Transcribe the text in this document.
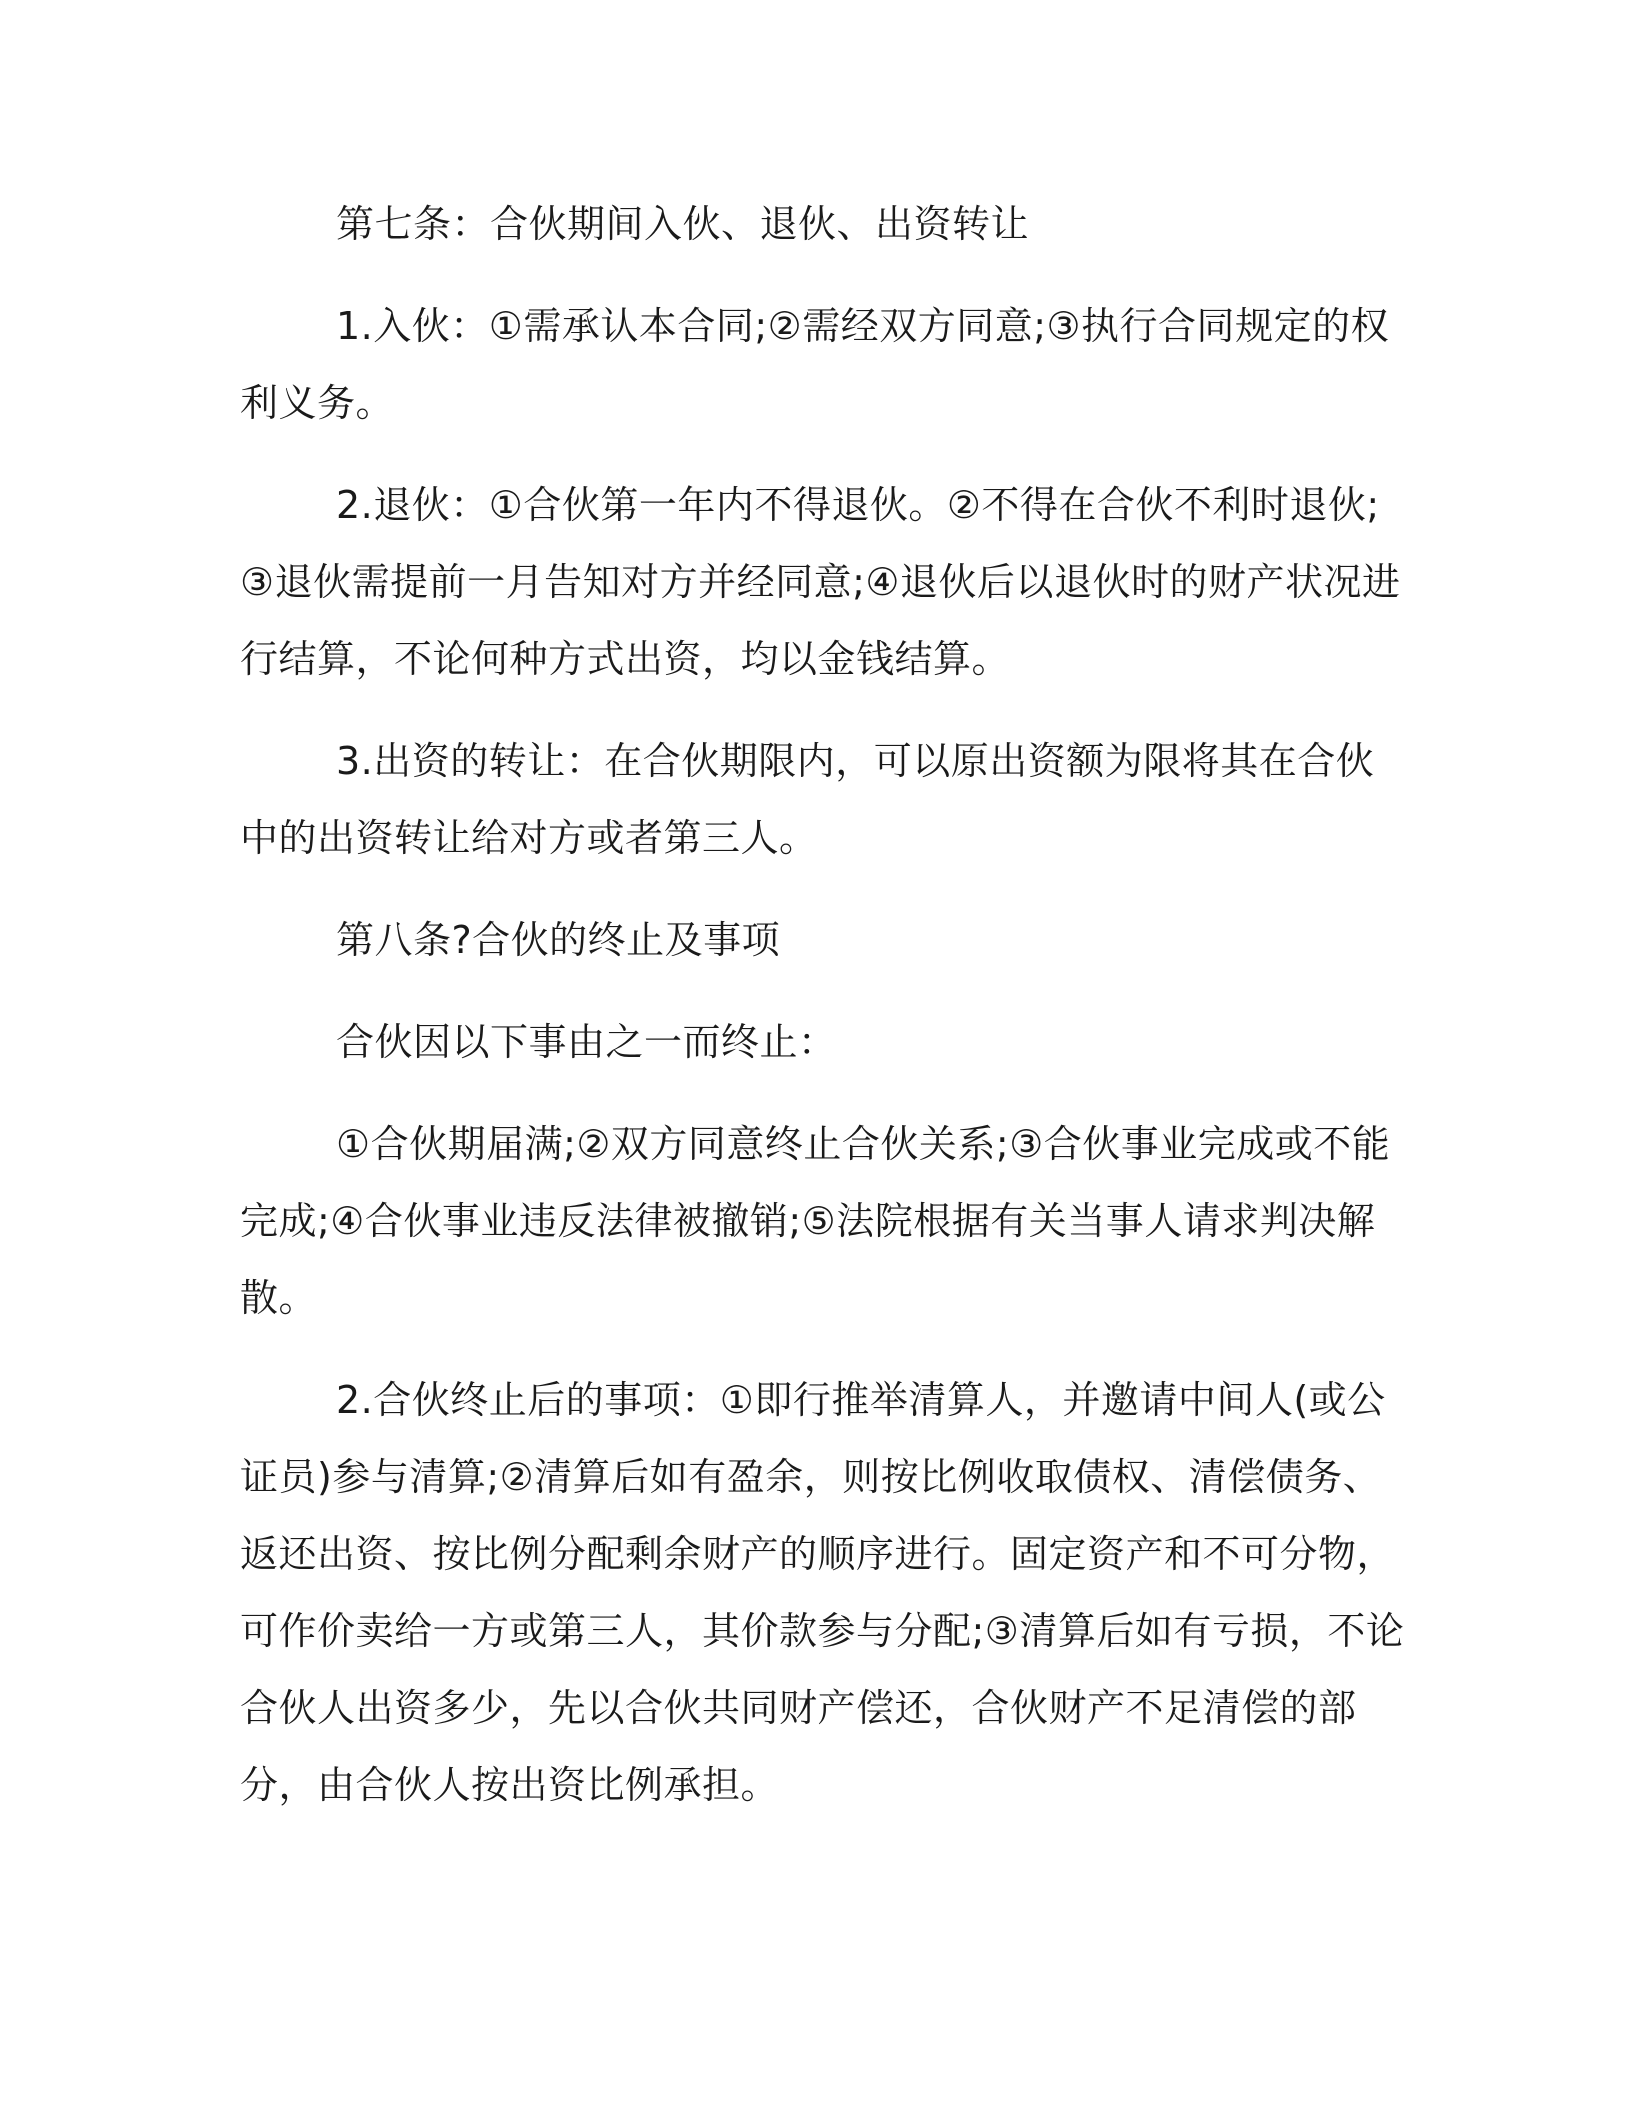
第七条：合伙期间入伙、退伙、出资转让

1.入伙：①需承认本合同;②需经双方同意;③执行合同规定的权利义务。

2.退伙：①合伙第一年内不得退伙。②不得在合伙不利时退伙;③退伙需提前一月告知对方并经同意;④退伙后以退伙时的财产状况进行结算，不论何种方式出资，均以金钱结算。

3.出资的转让：在合伙期限内，可以原出资额为限将其在合伙中的出资转让给对方或者第三人。

第八条?合伙的终止及事项

合伙因以下事由之一而终止：

①合伙期届满;②双方同意终止合伙关系;③合伙事业完成或不能完成;④合伙事业违反法律被撤销;⑤法院根据有关当事人请求判决解散。

2.合伙终止后的事项：①即行推举清算人，并邀请中间人(或公证员)参与清算;②清算后如有盈余，则按比例收取债权、清偿债务、返还出资、按比例分配剩余财产的顺序进行。固定资产和不可分物，可作价卖给一方或第三人，其价款参与分配;③清算后如有亏损，不论合伙人出资多少，先以合伙共同财产偿还，合伙财产不足清偿的部分，由合伙人按出资比例承担。
